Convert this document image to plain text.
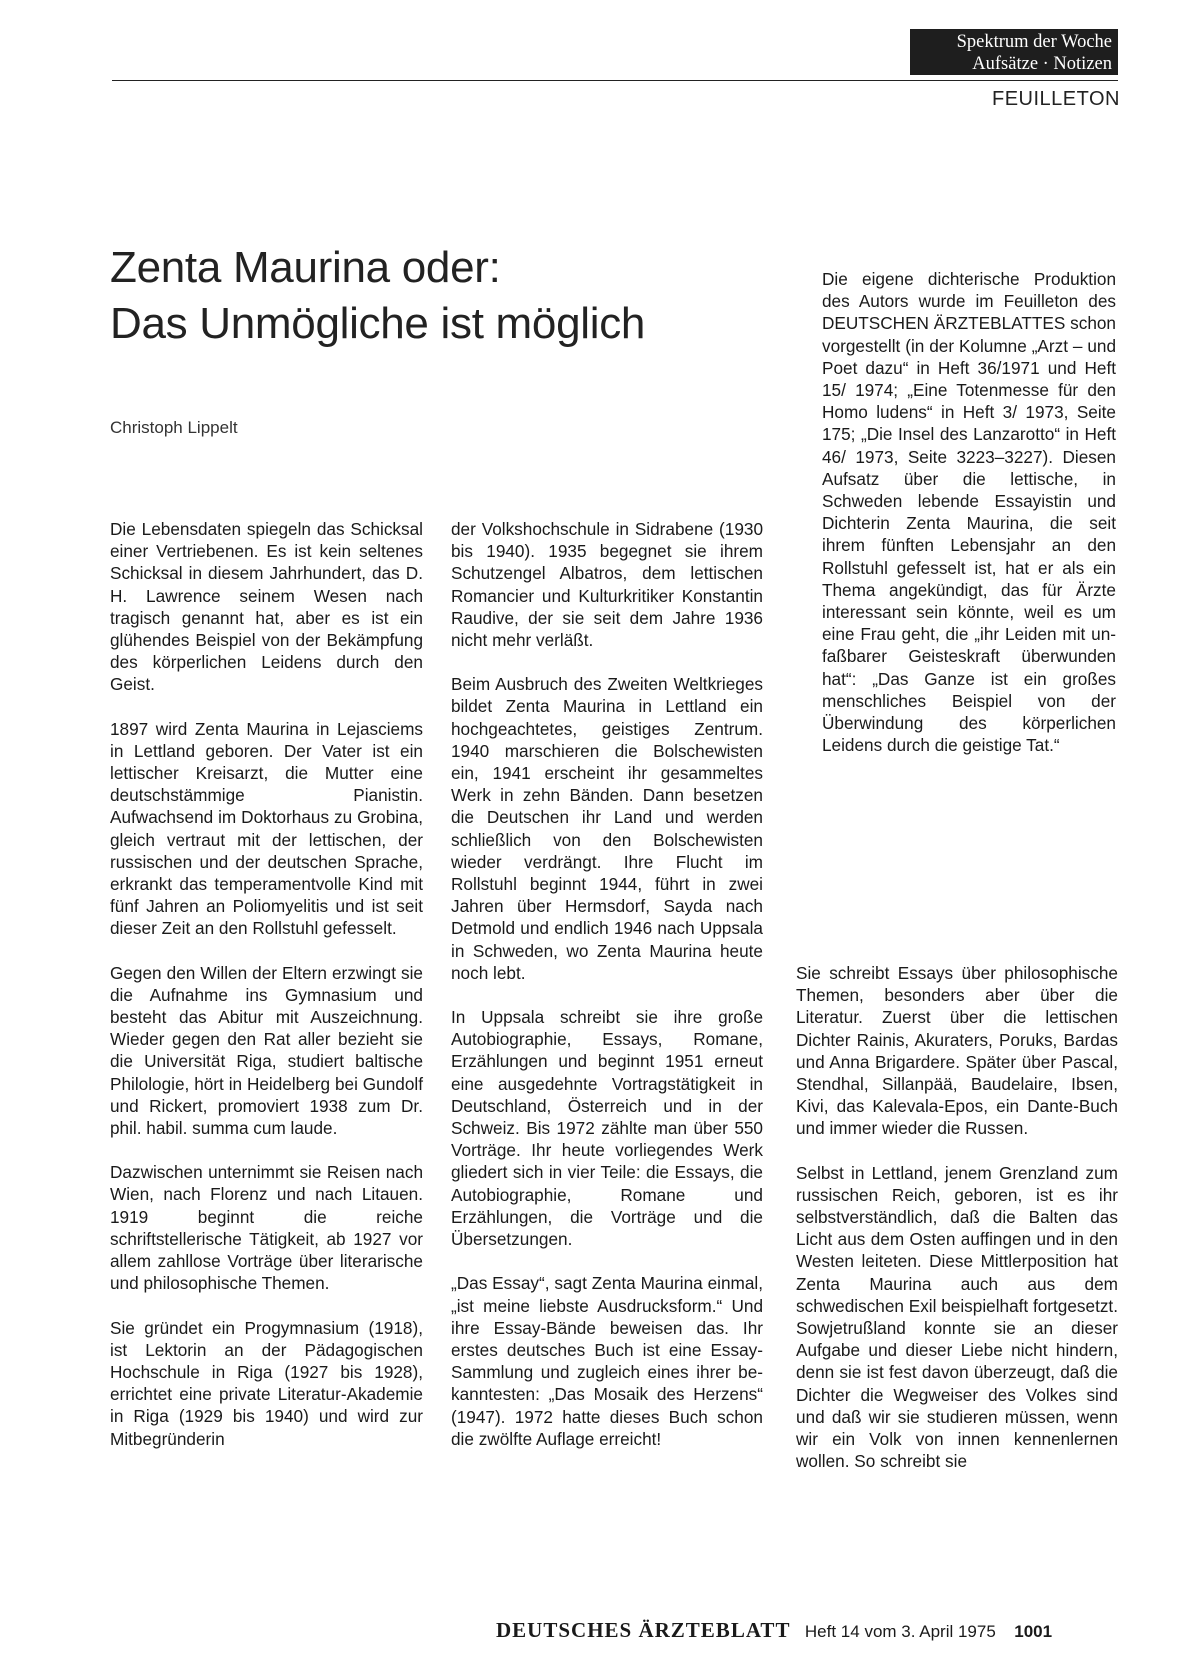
Spektrum der Woche
Aufsätze · Notizen
FEUILLETON
Zenta Maurina oder:
Das Unmögliche ist möglich
Christoph Lippelt

Die Lebensdaten spiegeln das Schicksal einer Vertriebenen. Es ist kein seltenes Schicksal in diesem Jahrhundert, das D. H. Lawrence seinem Wesen nach tragisch genannt hat, aber es ist ein glühendes Beispiel von der Bekämpfung des körperlichen Leidens durch den Geist.

1897 wird Zenta Maurina in Lejasciems in Lettland geboren. Der Vater ist ein lettischer Kreisarzt, die Mutter eine deutschstämmige Pianistin. Aufwachsend im Doktorhaus zu Grobina, gleich vertraut mit der lettischen, der russischen und der deutschen Sprache, erkrankt das temperamentvolle Kind mit fünf Jahren an Poliomyelitis und ist seit dieser Zeit an den Rollstuhl gefesselt.

Gegen den Willen der Eltern erzwingt sie die Aufnahme ins Gymnasium und besteht das Abitur mit Auszeichnung. Wieder gegen den Rat aller bezieht sie die Universität Riga, studiert baltische Philologie, hört in Heidelberg bei Gundolf und Rickert, promoviert 1938 zum Dr. phil. habil. summa cum laude.

Dazwischen unternimmt sie Reisen nach Wien, nach Florenz und nach Litauen. 1919 beginnt die reiche schriftstellerische Tätigkeit, ab 1927 vor allem zahllose Vorträge über literarische und philosophische Themen.

Sie gründet ein Progymnasium (1918), ist Lektorin an der Pädagogischen Hochschule in Riga (1927 bis 1928), errichtet eine private Literatur-Akademie in Riga (1929 bis 1940) und wird zur Mitbegründerin

der Volkshochschule in Sidrabene (1930 bis 1940). 1935 begegnet sie ihrem Schutzengel Albatros, dem lettischen Romancier und Kulturkritiker Konstantin Raudive, der sie seit dem Jahre 1936 nicht mehr verläßt.

Beim Ausbruch des Zweiten Weltkrieges bildet Zenta Maurina in Lettland ein hochgeachtetes, geistiges Zentrum. 1940 marschieren die Bolschewisten ein, 1941 erscheint ihr gesammeltes Werk in zehn Bänden. Dann besetzen die Deutschen ihr Land und werden schließlich von den Bolschewisten wieder verdrängt. Ihre Flucht im Rollstuhl beginnt 1944, führt in zwei Jahren über Hermsdorf, Sayda nach Detmold und endlich 1946 nach Uppsala in Schweden, wo Zenta Maurina heute noch lebt.

In Uppsala schreibt sie ihre große Autobiographie, Essays, Romane, Erzählungen und beginnt 1951 erneut eine ausgedehnte Vortragstätigkeit in Deutschland, Österreich und in der Schweiz. Bis 1972 zählte man über 550 Vorträge. Ihr heute vorliegendes Werk gliedert sich in vier Teile: die Essays, die Autobiographie, Romane und Erzählungen, die Vorträge und die Übersetzungen.

„Das Essay“, sagt Zenta Maurina einmal, „ist meine liebste Ausdrucksform.“ Und ihre Essay-Bände beweisen das. Ihr erstes deutsches Buch ist eine Essay-Sammlung und zugleich eines ihrer bekanntesten: „Das Mosaik des Herzens“ (1947). 1972 hatte dieses Buch schon die zwölfte Auflage erreicht!

Die eigene dichterische Produktion des Autors wurde im Feuilleton des DEUTSCHEN ÄRZTEBLATTES schon vorgestellt (in der Kolumne „Arzt – und Poet dazu“ in Heft 36/1971 und Heft 15/ 1974; „Eine Totenmesse für den Homo ludens“ in Heft 3/ 1973, Seite 175; „Die Insel des Lanzarotto“ in Heft 46/ 1973, Seite 3223–3227). Diesen Aufsatz über die lettische, in Schweden lebende Essayistin und Dichterin Zenta Maurina, die seit ihrem fünften Lebensjahr an den Rollstuhl gefesselt ist, hat er als ein Thema angekündigt, das für Ärzte interessant sein könnte, weil es um eine Frau geht, die „ihr Leiden mit unfaßbarer Geisteskraft überwunden hat“: „Das Ganze ist ein großes menschliches Beispiel von der Überwindung des körperlichen Leidens durch die geistige Tat.“

Sie schreibt Essays über philosophische Themen, besonders aber über die Literatur. Zuerst über die lettischen Dichter Rainis, Akuraters, Poruks, Bardas und Anna Brigardere. Später über Pascal, Stendhal, Sillanpää, Baudelaire, Ibsen, Kivi, das Kalevala-Epos, ein Dante-Buch und immer wieder die Russen.

Selbst in Lettland, jenem Grenzland zum russischen Reich, geboren, ist es ihr selbstverständlich, daß die Balten das Licht aus dem Osten auffingen und in den Westen leiteten. Diese Mittlerposition hat Zenta Maurina auch aus dem schwedischen Exil beispielhaft fortgesetzt. Sowjetrußland konnte sie an dieser Aufgabe und dieser Liebe nicht hindern, denn sie ist fest davon überzeugt, daß die Dichter die Wegweiser des Volkes sind und daß wir sie studieren müssen, wenn wir ein Volk von innen kennenlernen wollen. So schreibt sie

DEUTSCHES ÄRZTEBLATT Heft 14 vom 3. April 1975 1001
